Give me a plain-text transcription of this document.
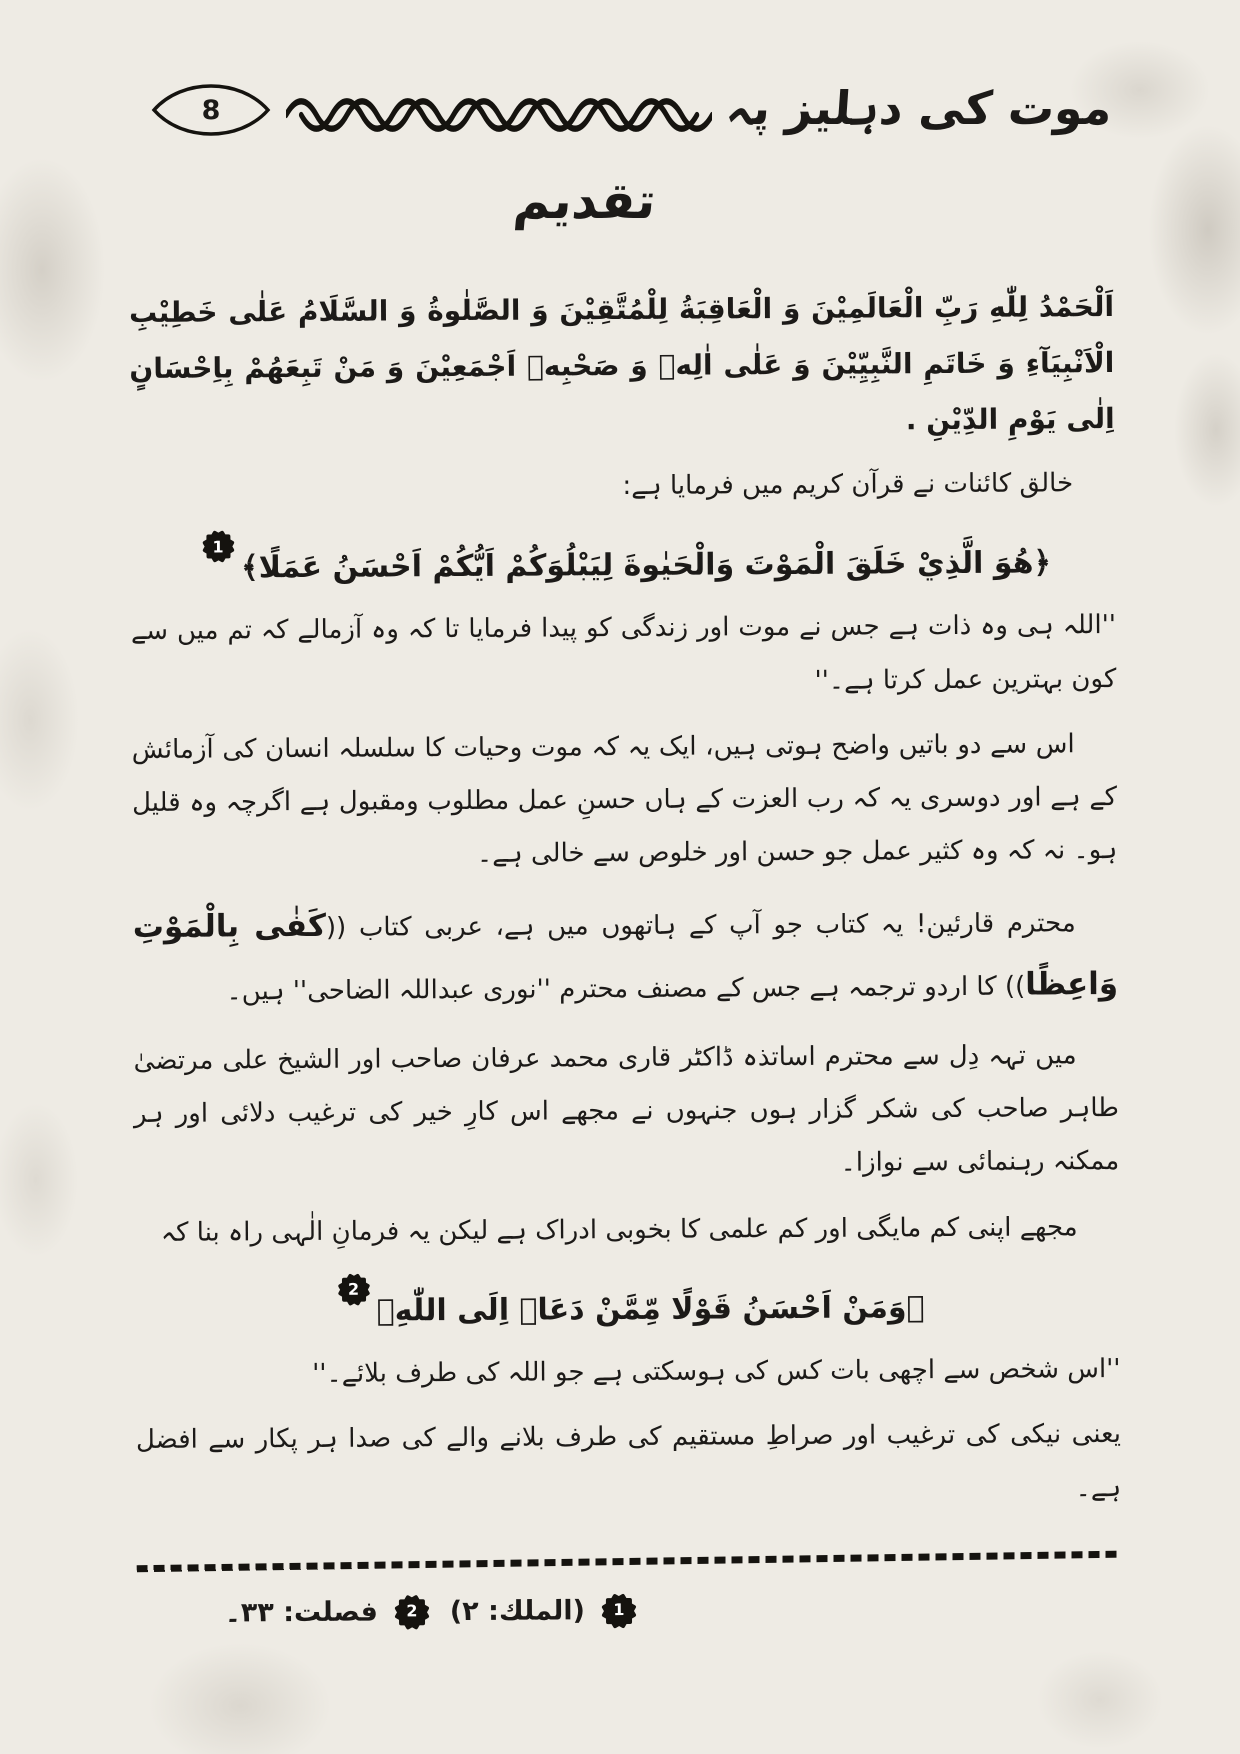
موت کی دہلیز پہ
8
تقدیم
اَلْحَمْدُ لِلّٰهِ رَبِّ الْعَالَمِيْنَ وَ الْعَاقِبَةُ لِلْمُتَّقِيْنَ وَ الصَّلٰوةُ وَ السَّلَامُ عَلٰى خَطِيْبِ الْاَنْبِيَآءِ وَ خَاتَمِ النَّبِيِّيْنَ وَ عَلٰى اٰلِهٖ وَ صَحْبِهٖ اَجْمَعِيْنَ وَ مَنْ تَبِعَهُمْ بِاِحْسَانٍ اِلٰى يَوْمِ الدِّيْنِ .
خالق کائنات نے قرآن کریم میں فرمایا ہے:
﴿هُوَ الَّذِيْ خَلَقَ الْمَوْتَ وَالْحَيٰوةَ لِيَبْلُوَكُمْ اَيُّكُمْ اَحْسَنُ عَمَلًا﴾
1
''اللہ ہی وہ ذات ہے جس نے موت اور زندگی کو پیدا فرمایا تا کہ وہ آزمالے کہ تم میں سے کون بہترین عمل کرتا ہے۔''
اس سے دو باتیں واضح ہوتی ہیں، ایک یہ کہ موت وحیات کا سلسلہ انسان کی آزمائش کے ہے اور دوسری یہ کہ رب العزت کے ہاں حسنِ عمل مطلوب ومقبول ہے اگرچہ وہ قلیل ہو۔ نہ کہ وہ کثیر عمل جو حسن اور خلوص سے خالی ہے۔
محترم قارئین! یہ کتاب جو آپ کے ہاتھوں میں ہے، عربی کتاب ((كَفٰى بِالْمَوْتِ وَاعِظًا)) کا اردو ترجمہ ہے جس کے مصنف محترم ''نوری عبداللہ الضاحی'' ہیں۔
میں تہہ دِل سے محترم اساتذہ ڈاکٹر قاری محمد عرفان صاحب اور الشیخ علی مرتضیٰ طاہر صاحب کی شکر گزار ہوں جنہوں نے مجھے اس کارِ خیر کی ترغیب دلائی اور ہر ممکنہ رہنمائی سے نوازا۔
مجھے اپنی کم مایگی اور کم علمی کا بخوبی ادراک ہے لیکن یہ فرمانِ الٰہی راہ بنا کہ
﴿وَمَنْ اَحْسَنُ قَوْلًا مِّمَّنْ دَعَاۤ اِلَى اللّٰهِ﴾
2
''اس شخص سے اچھی بات کس کی ہوسکتی ہے جو اللہ کی طرف بلائے۔''
یعنی نیکی کی ترغیب اور صراطِ مستقیم کی طرف بلانے والے کی صدا ہر پکار سے افضل ہے۔
1
(الملك: ۲)
2
فصلت: ۳۳۔
